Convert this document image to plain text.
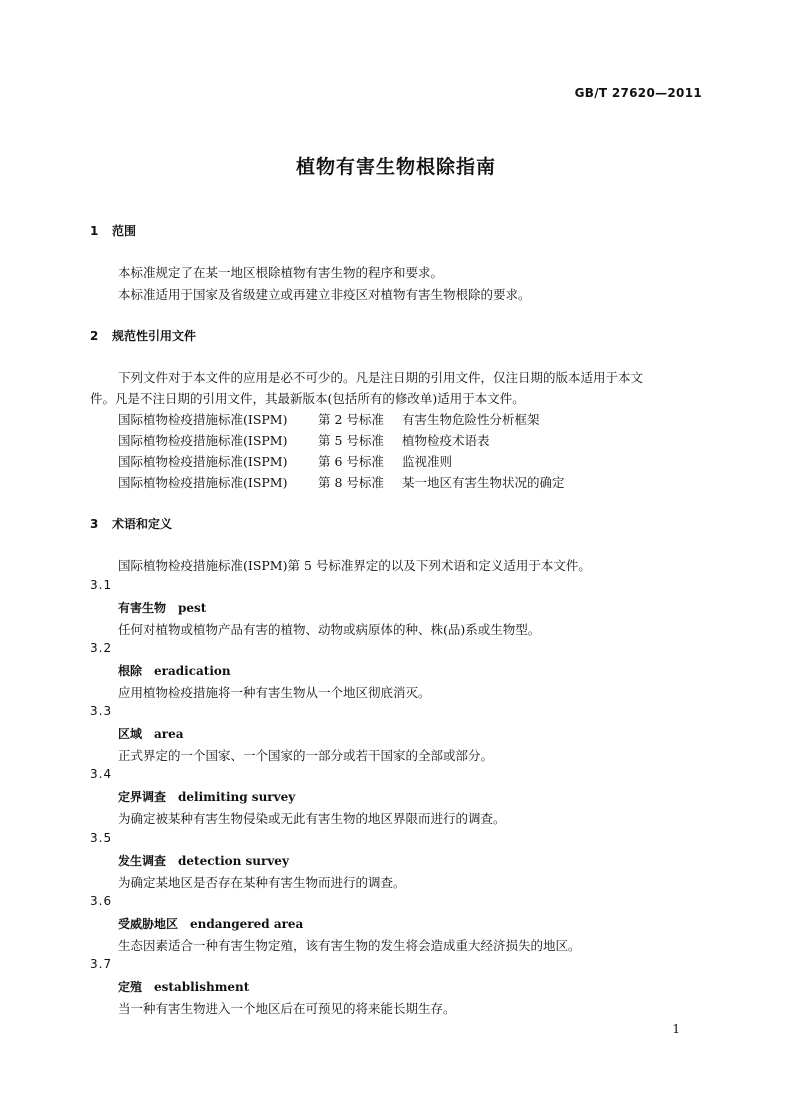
GB/T 27620—2011
植物有害生物根除指南
1 范围
本标准规定了在某一地区根除植物有害生物的程序和要求。
本标准适用于国家及省级建立或再建立非疫区对植物有害生物根除的要求。
2 规范性引用文件
下列文件对于本文件的应用是必不可少的。凡是注日期的引用文件，仅注日期的版本适用于本文
件。凡是不注日期的引用文件，其最新版本(包括所有的修改单)适用于本文件。
国际植物检疫措施标准(ISPM) 第 2 号标准 有害生物危险性分析框架
国际植物检疫措施标准(ISPM) 第 5 号标准 植物检疫术语表
国际植物检疫措施标准(ISPM) 第 6 号标准 监视准则
国际植物检疫措施标准(ISPM) 第 8 号标准 某一地区有害生物状况的确定
3 术语和定义
国际植物检疫措施标准(ISPM)第 5 号标准界定的以及下列术语和定义适用于本文件。
3.1
有害生物 pest
任何对植物或植物产品有害的植物、动物或病原体的种、株(品)系或生物型。
3.2
根除 eradication
应用植物检疫措施将一种有害生物从一个地区彻底消灭。
3.3
区域 area
正式界定的一个国家、一个国家的一部分或若干国家的全部或部分。
3.4
定界调查 delimiting survey
为确定被某种有害生物侵染或无此有害生物的地区界限而进行的调查。
3.5
发生调查 detection survey
为确定某地区是否存在某种有害生物而进行的调查。
3.6
受威胁地区 endangered area
生态因素适合一种有害生物定殖，该有害生物的发生将会造成重大经济损失的地区。
3.7
定殖 establishment
当一种有害生物进入一个地区后在可预见的将来能长期生存。
1
